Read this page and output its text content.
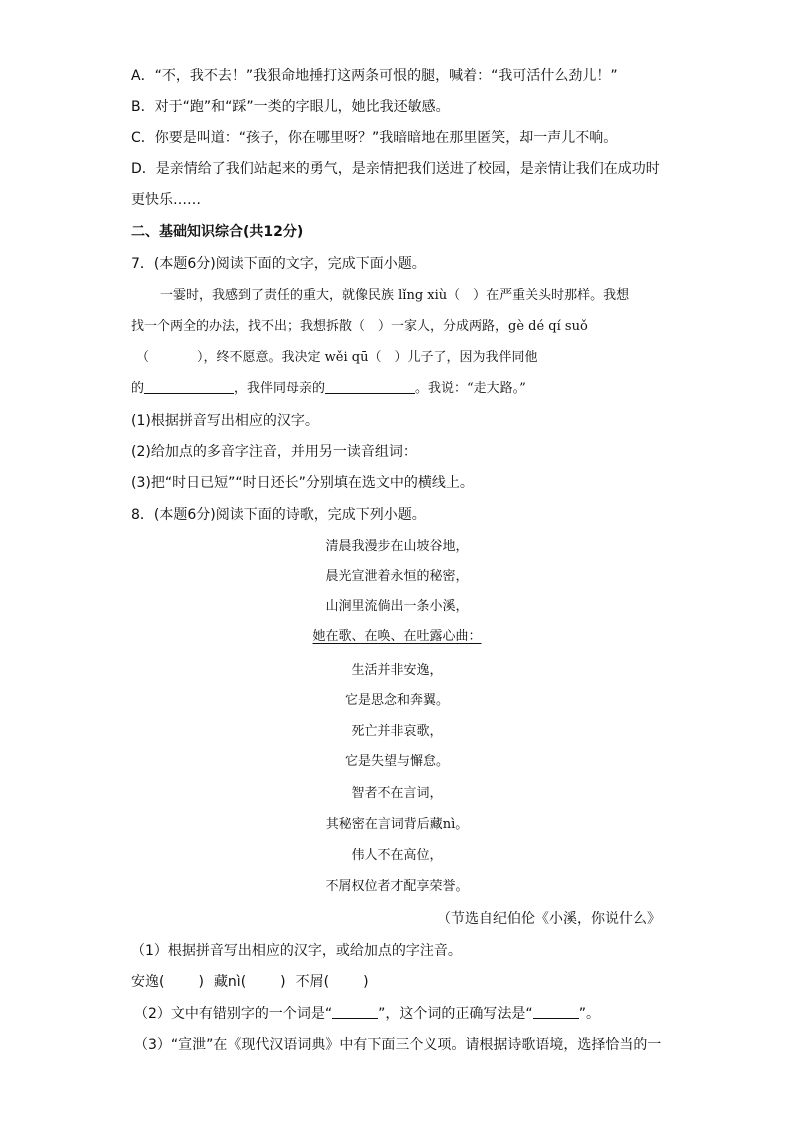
A．“不，我不去！”我狠命地捶打这两条可恨的腿，喊着：“我可活什么劲儿！”
B．对于“跑”和“踩”一类的字眼儿，她比我还敏感。
C．你要是叫道：“孩子，你在哪里呀？”我暗暗地在那里匿笑，却一声儿不响。
D．是亲情给了我们站起来的勇气，是亲情把我们送进了校园，是亲情让我们在成功时
更快乐……
二、基础知识综合(共12分)
7．(本题6分)阅读下面的文字，完成下面小题。
一霎时，我感到了责任的重大，就像民族 lǐng xiù（　）在严重关头时那样。我想
找一个两全的办法，找不出；我想拆散（　）一家人，分成两路，gè dé qí suǒ
（	），终不愿意。我决定 wěi qū（　）儿子了，因为我伴同他
的	，我伴同母亲的	。我说：“走大路。”
(1)根据拼音写出相应的汉字。
(2)给加点的多音字注音，并用另一读音组词：
(3)把“时日已短”“时日还长”分别填在选文中的横线上。
8．(本题6分)阅读下面的诗歌，完成下列小题。
清晨我漫步在山坡谷地，
晨光宣泄着永恒的秘密，
山涧里流倘出一条小溪，
她在歌、在唤、在吐露心曲：
生活并非安逸，
它是思念和奔翼。
死亡并非哀歌，
它是失望与懈怠。
智者不在言词，
其秘密在言词背后藏nì。
伟人不在高位，
不屑权位者才配享荣誉。
（节选自纪伯伦《小溪，你说什么》
（1）根据拼音写出相应的汉字，或给加点的字注音。
安逸( ) 藏nì( ) 不屑( )
（2）文中有错别字的一个词是“	”，这个词的正确写法是“	”。
（3）“宣泄”在《现代汉语词典》中有下面三个义项。请根据诗歌语境，选择恰当的一
